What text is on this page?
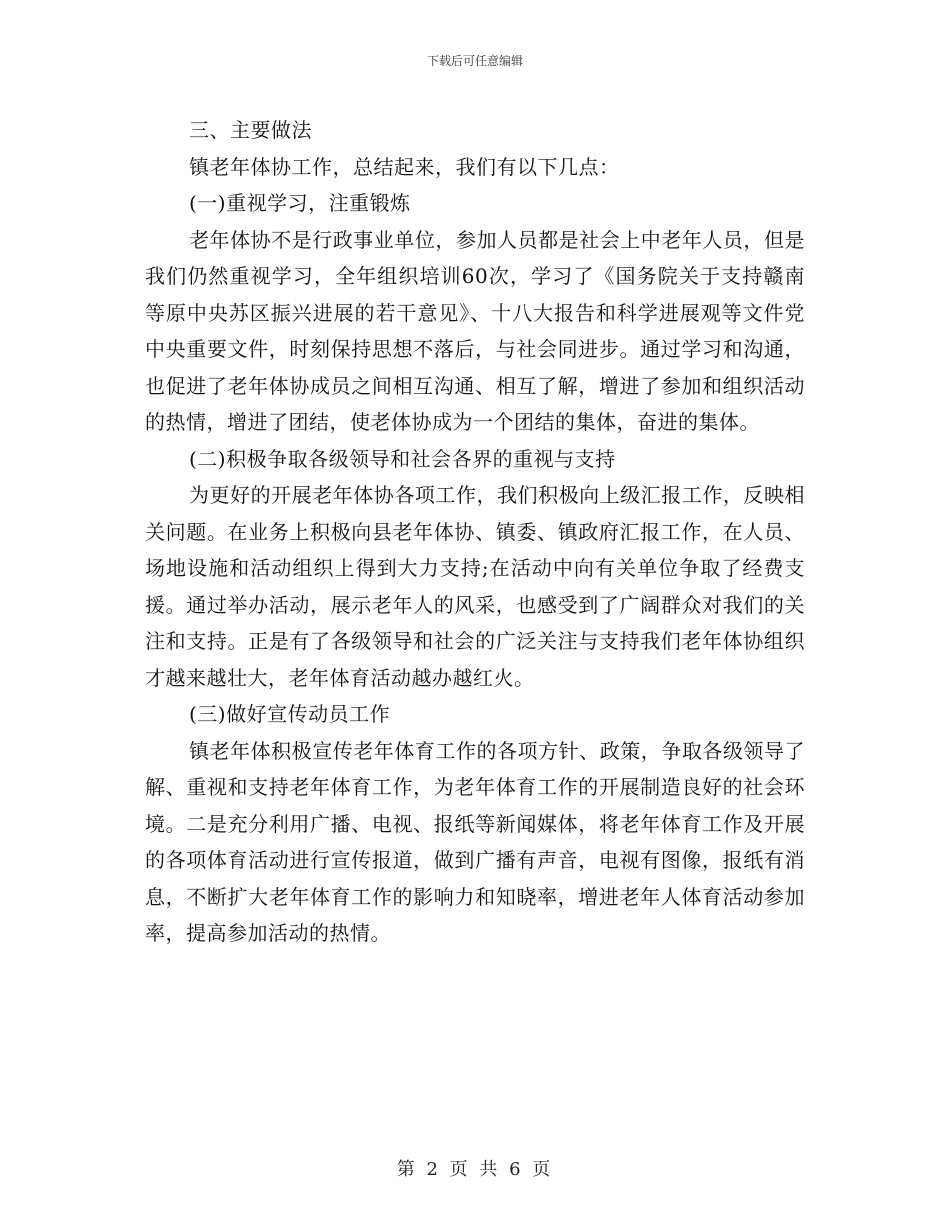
下载后可任意编辑

三、主要做法

镇老年体协工作，总结起来，我们有以下几点：

(一)重视学习，注重锻炼

老年体协不是行政事业单位，参加人员都是社会上中老年人员，但是我们仍然重视学习，全年组织培训60次，学习了《国务院关于支持赣南等原中央苏区振兴进展的若干意见》、十八大报告和科学进展观等文件党中央重要文件，时刻保持思想不落后，与社会同进步。通过学习和沟通，也促进了老年体协成员之间相互沟通、相互了解，增进了参加和组织活动的热情，增进了团结，使老体协成为一个团结的集体，奋进的集体。

(二)积极争取各级领导和社会各界的重视与支持

为更好的开展老年体协各项工作，我们积极向上级汇报工作，反映相关问题。在业务上积极向县老年体协、镇委、镇政府汇报工作，在人员、场地设施和活动组织上得到大力支持;在活动中向有关单位争取了经费支援。通过举办活动，展示老年人的风采，也感受到了广阔群众对我们的关注和支持。正是有了各级领导和社会的广泛关注与支持我们老年体协组织才越来越壮大，老年体育活动越办越红火。

(三)做好宣传动员工作

镇老年体积极宣传老年体育工作的各项方针、政策，争取各级领导了解、重视和支持老年体育工作，为老年体育工作的开展制造良好的社会环境。二是充分利用广播、电视、报纸等新闻媒体，将老年体育工作及开展的各项体育活动进行宣传报道，做到广播有声音，电视有图像，报纸有消息，不断扩大老年体育工作的影响力和知晓率，增进老年人体育活动参加率，提高参加活动的热情。

第 2 页 共 6 页
